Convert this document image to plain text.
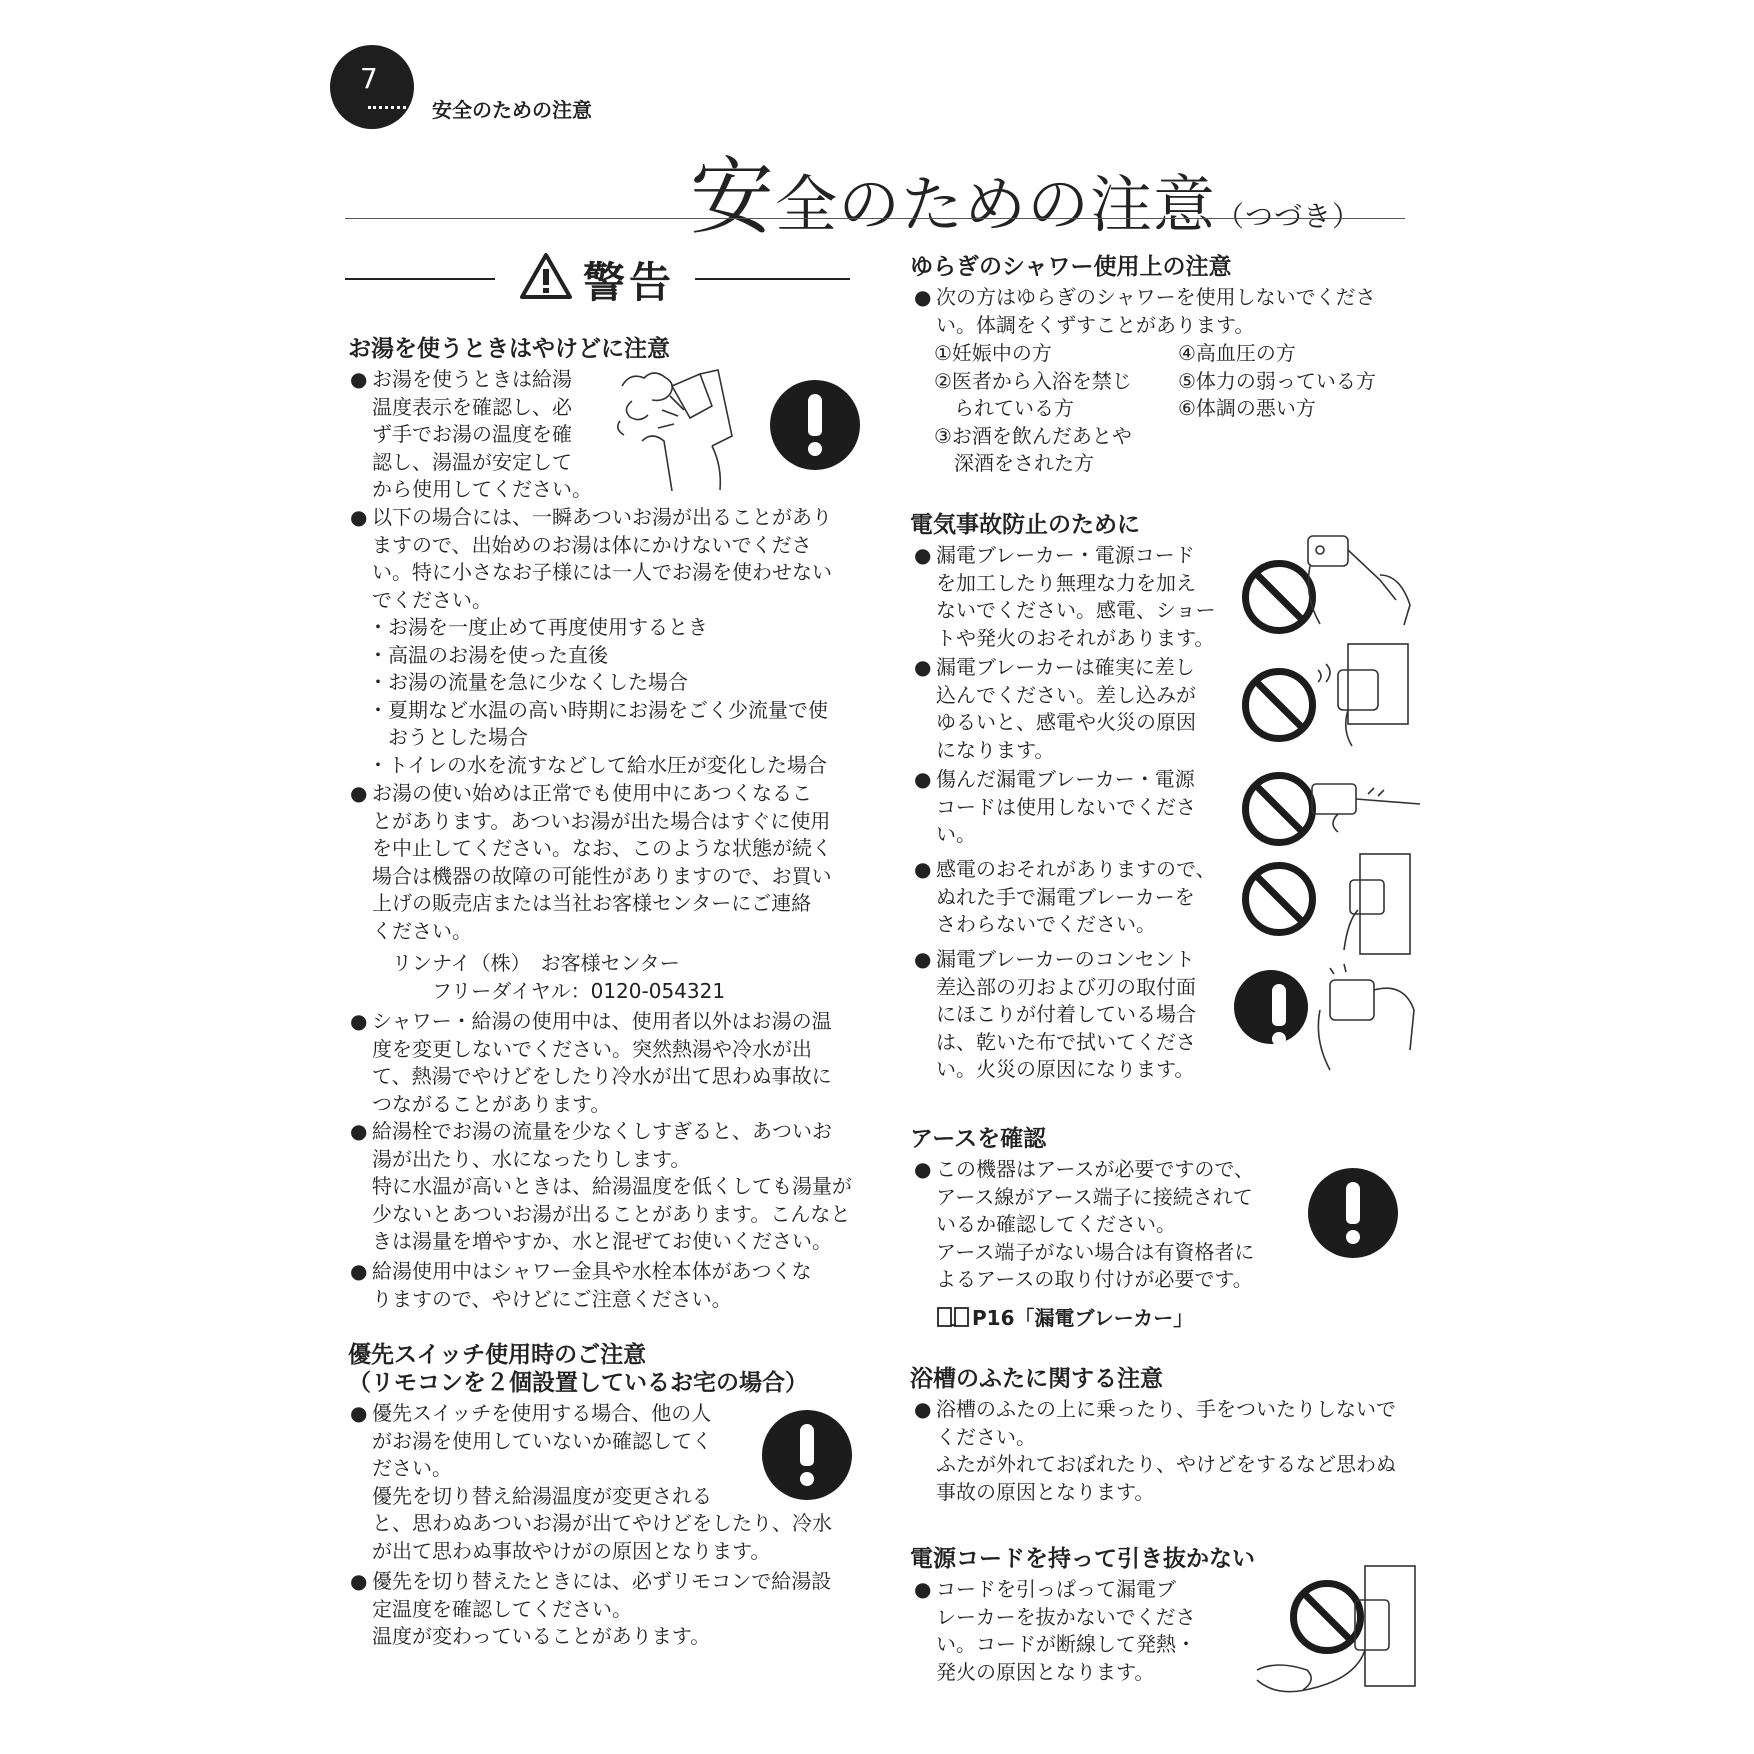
7
安全のための注意
安全のための注意（つづき）
警告
お湯を使うときはやけどに注意
● お湯を使うときは給湯
温度表示を確認し、必
ず手でお湯の温度を確
認し、湯温が安定して
から使用してください。
● 以下の場合には、一瞬あついお湯が出ることがあり
ますので、出始めのお湯は体にかけないでくださ
い。特に小さなお子様には一人でお湯を使わせない
でください。
・お湯を一度止めて再度使用するとき
・高温のお湯を使った直後
・お湯の流量を急に少なくした場合
・夏期など水温の高い時期にお湯をごく少流量で使
　おうとした場合
・トイレの水を流すなどして給水圧が変化した場合
● お湯の使い始めは正常でも使用中にあつくなるこ
とがあります。あついお湯が出た場合はすぐに使用
を中止してください。なお、このような状態が続く
場合は機器の故障の可能性がありますので、お買い
上げの販売店または当社お客様センターにご連絡
ください。
リンナイ（株）　お客様センター
　　フリーダイヤル：0120-054321
● シャワー・給湯の使用中は、使用者以外はお湯の温
度を変更しないでください。突然熱湯や冷水が出
て、熱湯でやけどをしたり冷水が出て思わぬ事故に
つながることがあります。
● 給湯栓でお湯の流量を少なくしすぎると、あついお
湯が出たり、水になったりします。
特に水温が高いときは、給湯温度を低くしても湯量が
少ないとあついお湯が出ることがあります。こんなと
きは湯量を増やすか、水と混ぜてお使いください。
● 給湯使用中はシャワー金具や水栓本体があつくな
りますので、やけどにご注意ください。
優先スイッチ使用時のご注意
（リモコンを２個設置しているお宅の場合）
● 優先スイッチを使用する場合、他の人
がお湯を使用していないか確認してく
ださい。
優先を切り替え給湯温度が変更される
と、思わぬあついお湯が出てやけどをしたり、冷水
が出て思わぬ事故やけがの原因となります。
● 優先を切り替えたときには、必ずリモコンで給湯設
定温度を確認してください。
温度が変わっていることがあります。
ゆらぎのシャワー使用上の注意
● 次の方はゆらぎのシャワーを使用しないでくださ
い。体調をくずすことがあります。
①妊娠中の方
②医者から入浴を禁じ
　られている方
③お酒を飲んだあとや
　深酒をされた方
④高血圧の方
⑤体力の弱っている方
⑥体調の悪い方
電気事故防止のために
● 漏電ブレーカー・電源コード
を加工したり無理な力を加え
ないでください。感電、ショー
トや発火のおそれがあります。
● 漏電ブレーカーは確実に差し
込んでください。差し込みが
ゆるいと、感電や火災の原因
になります。
● 傷んだ漏電ブレーカー・電源
コードは使用しないでくださ
い。
● 感電のおそれがありますので、
ぬれた手で漏電ブレーカーを
さわらないでください。
● 漏電ブレーカーのコンセント
差込部の刃および刃の取付面
にほこりが付着している場合
は、乾いた布で拭いてくださ
い。火災の原因になります。
アースを確認
● この機器はアースが必要ですので、
アース線がアース端子に接続されて
いるか確認してください。
アース端子がない場合は有資格者に
よるアースの取り付けが必要です。
P16「漏電ブレーカー」
浴槽のふたに関する注意
● 浴槽のふたの上に乗ったり、手をついたりしないで
ください。
ふたが外れておぼれたり、やけどをするなど思わぬ
事故の原因となります。
電源コードを持って引き抜かない
● コードを引っぱって漏電ブ
レーカーを抜かないでくださ
い。コードが断線して発熱・
発火の原因となります。
